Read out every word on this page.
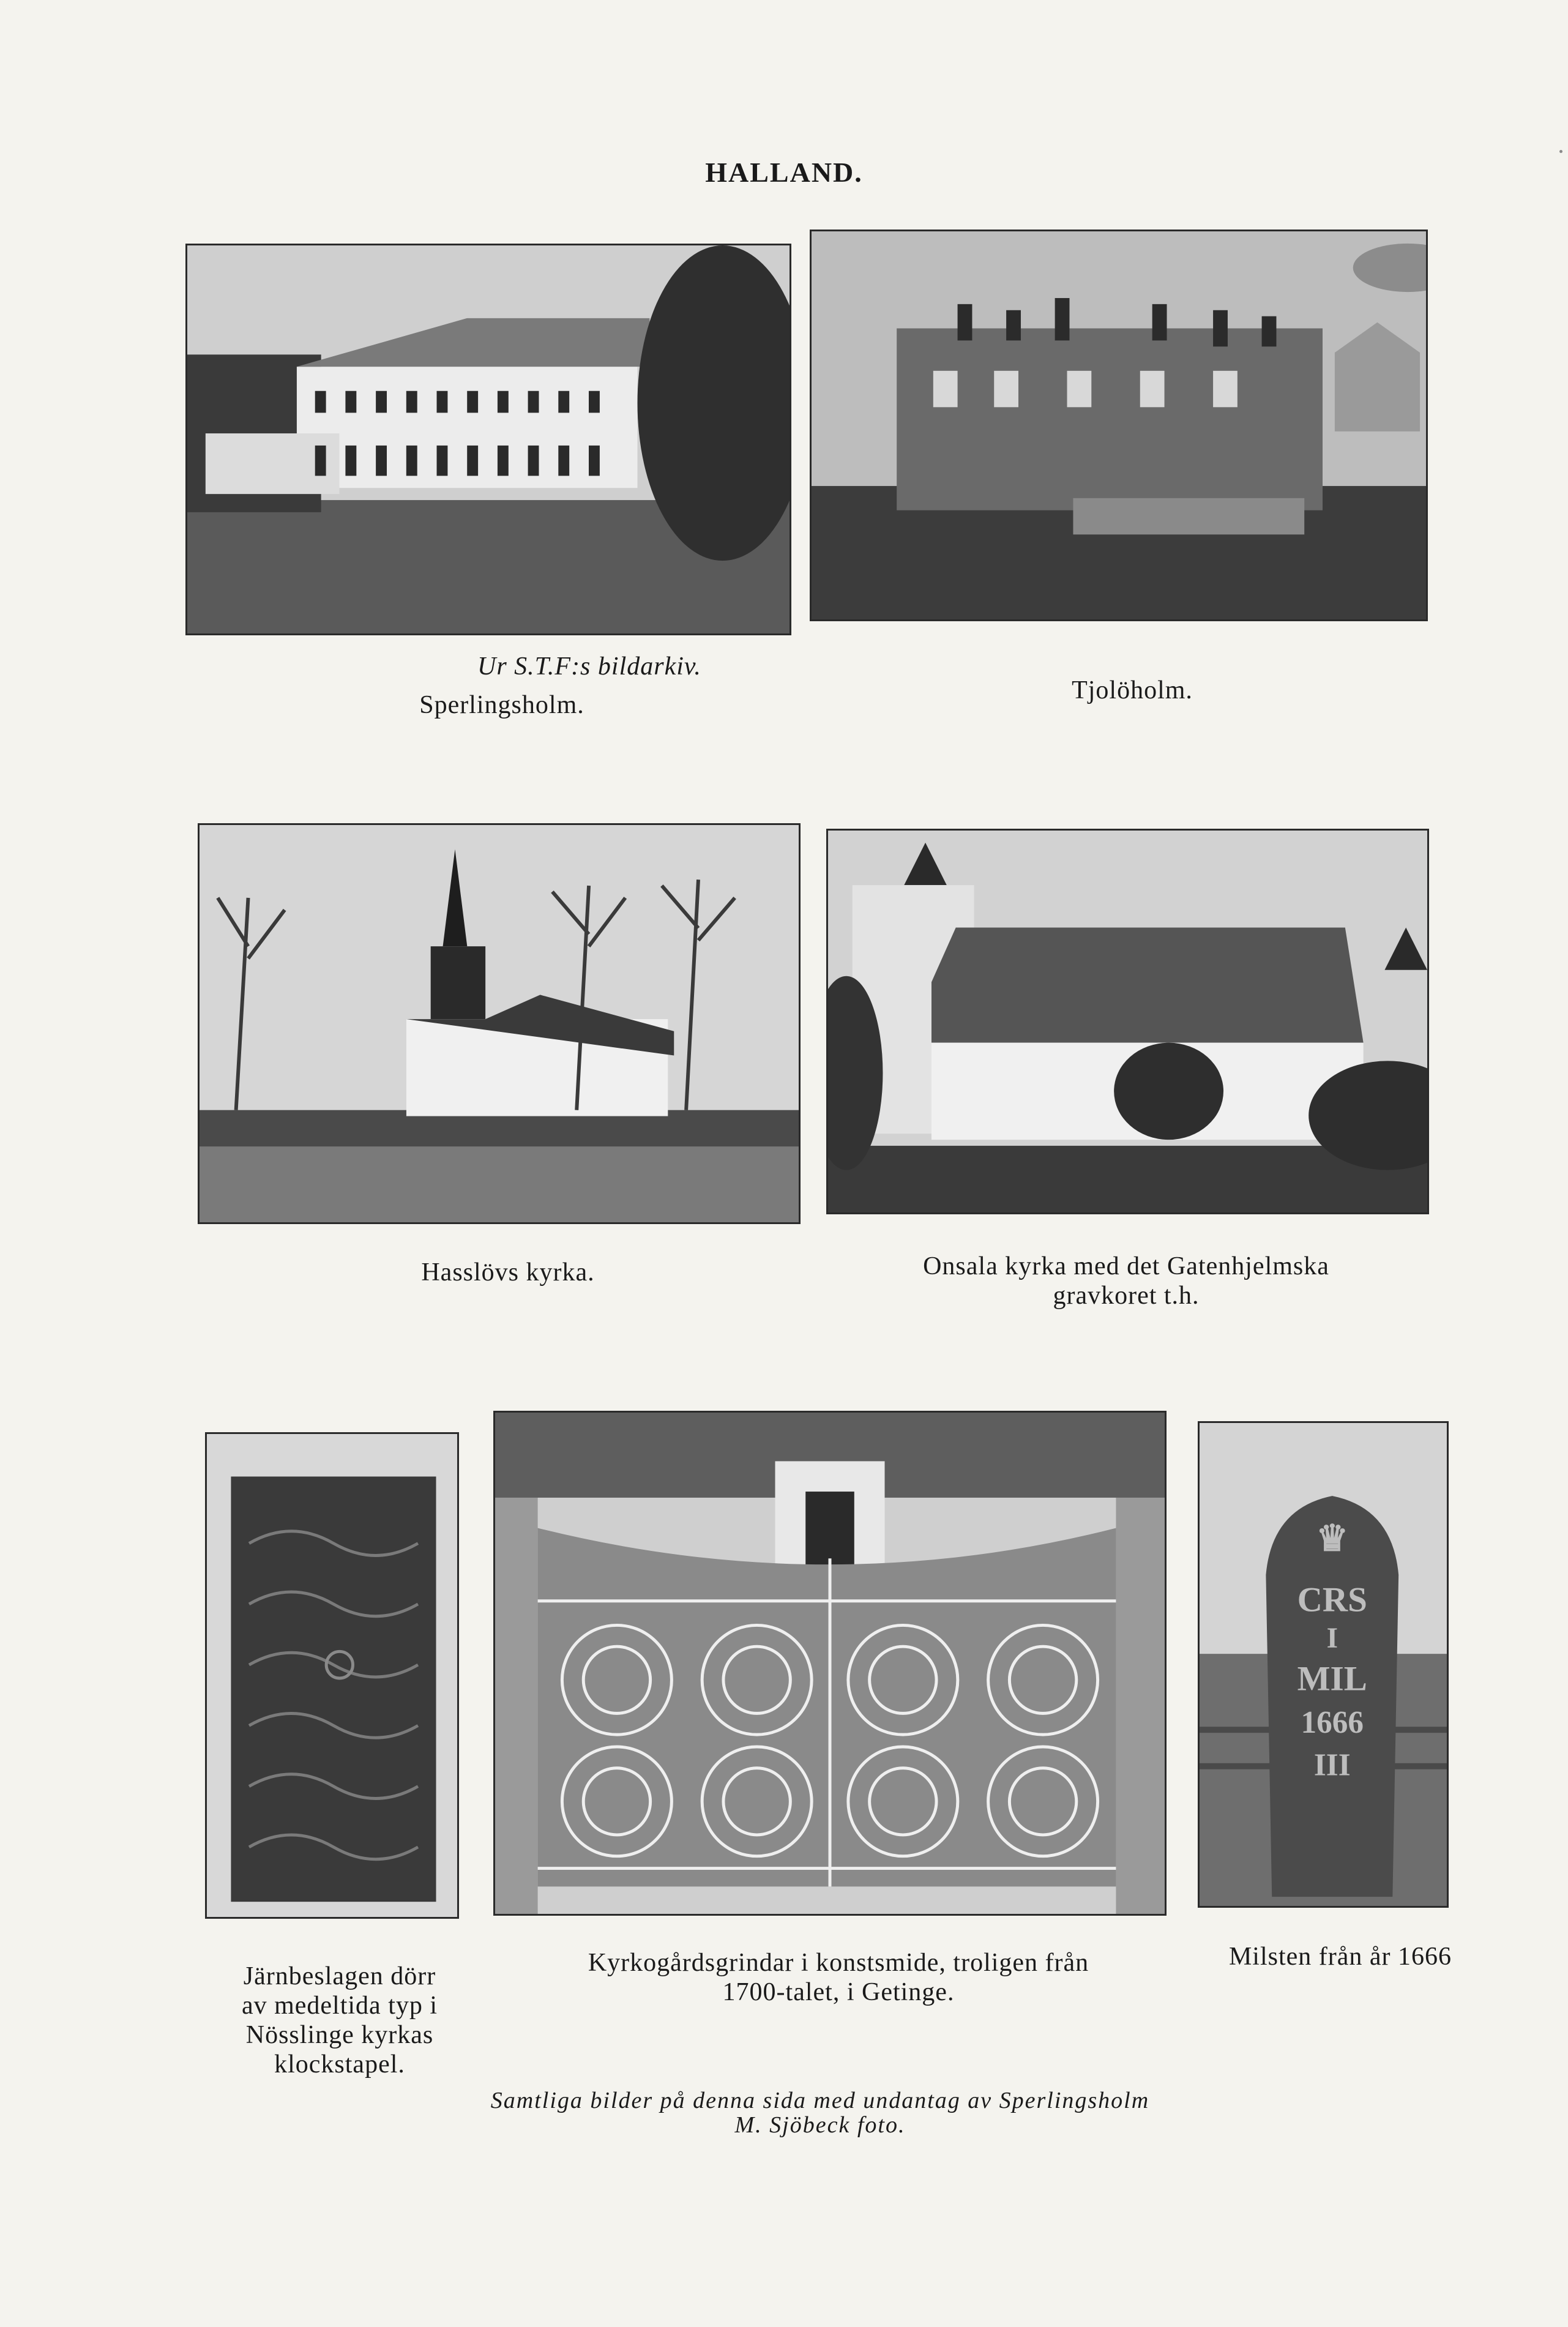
HALLAND.
Ur S.T.F:s bildarkiv.
Sperlingsholm.
Tjolöholm.
Hasslövs kyrka.	Onsala kyrka med det Gatenhjelmska
gravkoret t.h.
♛
CRS
I
MIL
1666
III
Järnbeslagen dörr
av medeltida typ i
Nösslinge kyrkas
klockstapel.
Kyrkogårdsgrindar i konstsmide, troligen från
1700-talet, i Getinge.
Milsten från år 1666
Samtliga bilder på denna sida med undantag av Sperlingsholm
M. Sjöbeck foto.
